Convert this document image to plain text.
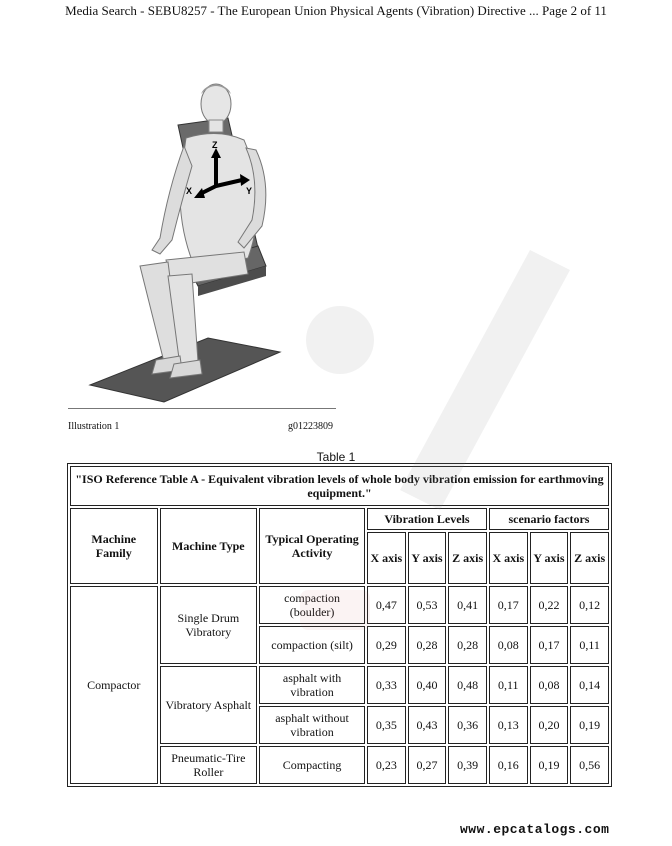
Media Search - SEBU8257 - The European Union Physical Agents (Vibration) Directive ... Page 2 of 11
Z
X	Y
Illustration 1	g01223809
Table 1
"ISO Reference Table A - Equivalent vibration levels of whole body vibration emission for earthmoving equipment."								
Machine Family	Machine Type	Typical Operating Activity	Vibration Levels			scenario factors		
			X axis	Y axis	Z axis	X axis	Y axis	Z axis
Compactor	Single Drum Vibratory	compaction (boulder)	0,47	0,53	0,41	0,17	0,22	0,12
		compaction (silt)	0,29	0,28	0,28	0,08	0,17	0,11
	Vibratory Asphalt	asphalt with vibration	0,33	0,40	0,48	0,11	0,08	0,14
		asphalt without vibration	0,35	0,43	0,36	0,13	0,20	0,19
	Pneumatic-Tire Roller	Compacting	0,23	0,27	0,39	0,16	0,19	0,56
www.epcatalogs.com
